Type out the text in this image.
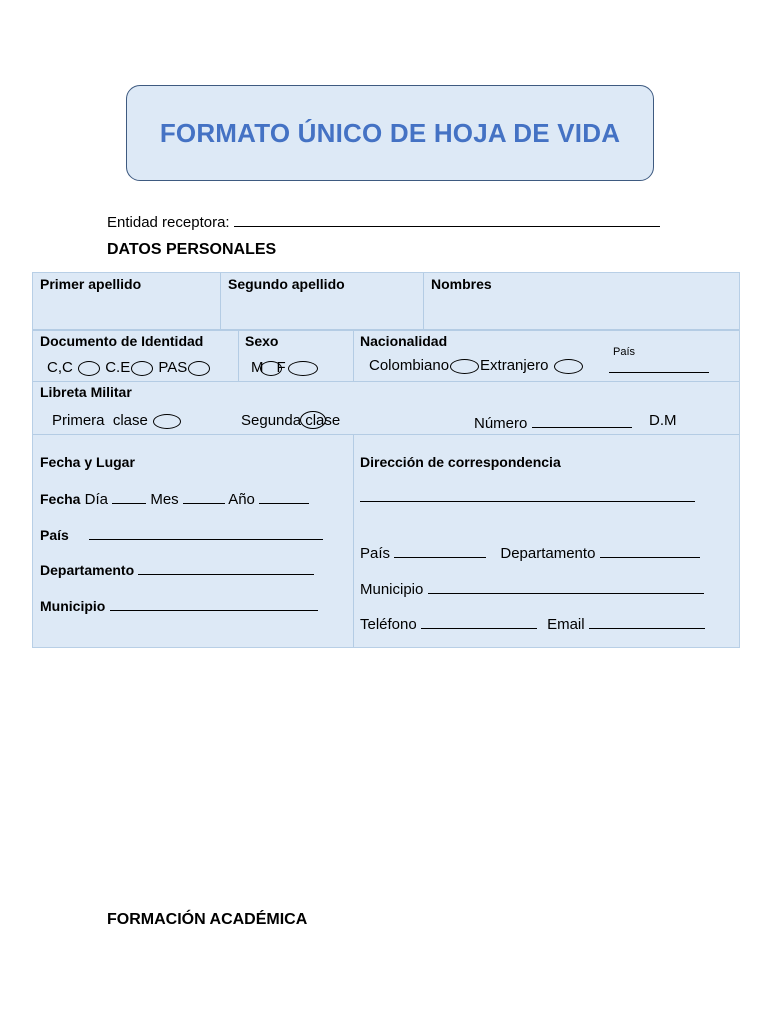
FORMATO ÚNICO DE HOJA DE VIDA
Entidad receptora:
DATOS PERSONALES
Primer apellido	Segundo apellido	Nombres
Documento de Identidad
C,C C.E PAS
Sexo
M F
Nacionalidad
Colombiano Extranjero
País
Libreta Militar
Primera  clase	Segunda clase	Número	D.M
Fecha y Lugar
Fecha Día	Mes	Año
País
Departamento
Municipio
Dirección de correspondencia
País	Departamento
Municipio
Teléfono	Email
FORMACIÓN ACADÉMICA
